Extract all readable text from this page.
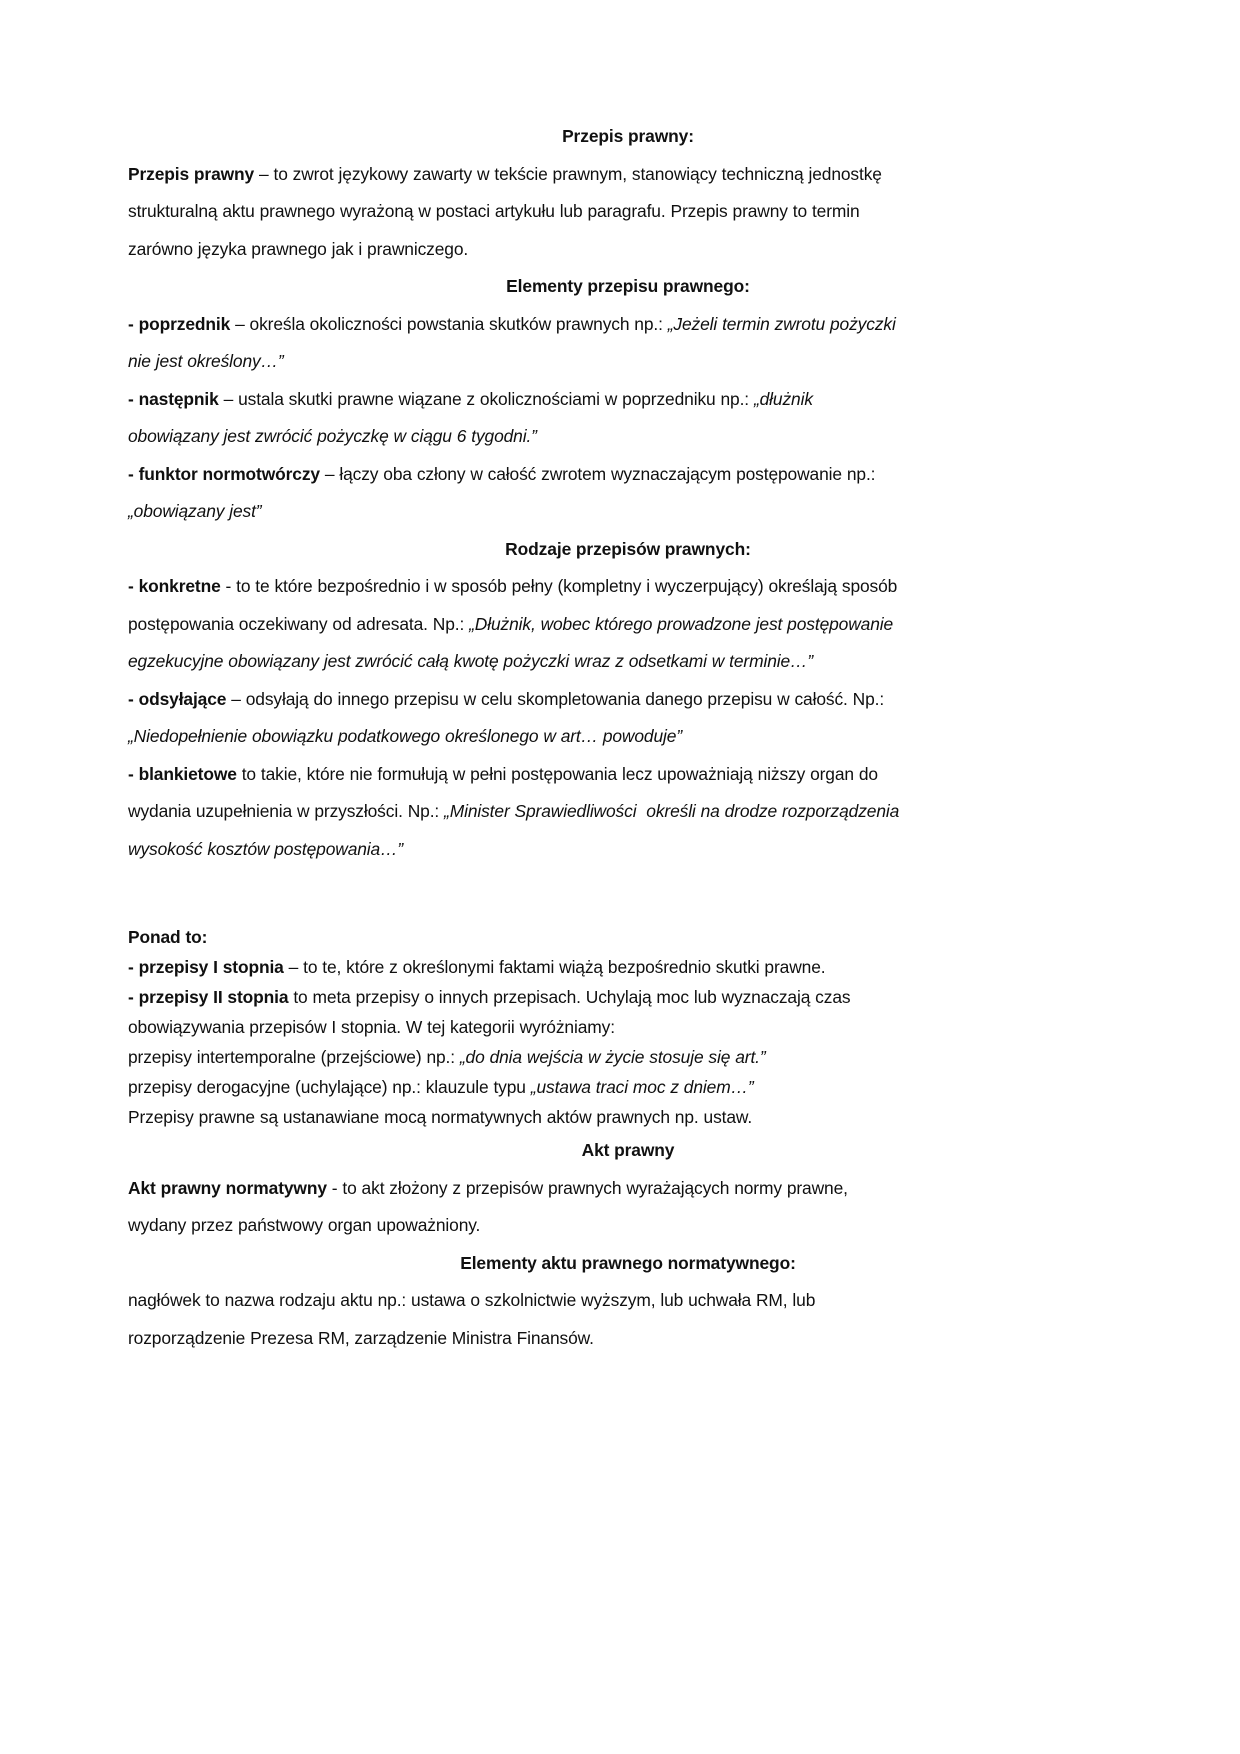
Przepis prawny:

Przepis prawny – to zwrot językowy zawarty w tekście prawnym, stanowiący techniczną jednostkę

strukturalną aktu prawnego wyrażoną w postaci artykułu lub paragrafu. Przepis prawny to termin

zarówno języka prawnego jak i prawniczego.

Elementy przepisu prawnego:

- poprzednik – określa okoliczności powstania skutków prawnych np.: „Jeżeli termin zwrotu pożyczki

nie jest określony…”

- następnik – ustala skutki prawne wiązane z okolicznościami w poprzedniku np.: „dłużnik

obowiązany jest zwrócić pożyczkę w ciągu 6 tygodni.”

- funktor normotwórczy – łączy oba człony w całość zwrotem wyznaczającym postępowanie np.:

„obowiązany jest”

Rodzaje przepisów prawnych:

- konkretne - to te które bezpośrednio i w sposób pełny (kompletny i wyczerpujący) określają sposób

postępowania oczekiwany od adresata. Np.: „Dłużnik, wobec którego prowadzone jest postępowanie

egzekucyjne obowiązany jest zwrócić całą kwotę pożyczki wraz z odsetkami w terminie…”

- odsyłające – odsyłają do innego przepisu w celu skompletowania danego przepisu w całość. Np.:

„Niedopełnienie obowiązku podatkowego określonego w art… powoduje”

- blankietowe to takie, które nie formułują w pełni postępowania lecz upoważniają niższy organ do

wydania uzupełnienia w przyszłości. Np.: „Minister Sprawiedliwości  określi na drodze rozporządzenia

wysokość kosztów postępowania…”

Ponad to:

- przepisy I stopnia – to te, które z określonymi faktami wiążą bezpośrednio skutki prawne.

- przepisy II stopnia to meta przepisy o innych przepisach. Uchylają moc lub wyznaczają czas

obowiązywania przepisów I stopnia. W tej kategorii wyróżniamy:

przepisy intertemporalne (przejściowe) np.: „do dnia wejścia w życie stosuje się art.”

przepisy derogacyjne (uchylające) np.: klauzule typu „ustawa traci moc z dniem…”

Przepisy prawne są ustanawiane mocą normatywnych aktów prawnych np. ustaw.

Akt prawny

Akt prawny normatywny - to akt złożony z przepisów prawnych wyrażających normy prawne,

wydany przez państwowy organ upoważniony.

Elementy aktu prawnego normatywnego:

nagłówek to nazwa rodzaju aktu np.: ustawa o szkolnictwie wyższym, lub uchwała RM, lub

rozporządzenie Prezesa RM, zarządzenie Ministra Finansów.
